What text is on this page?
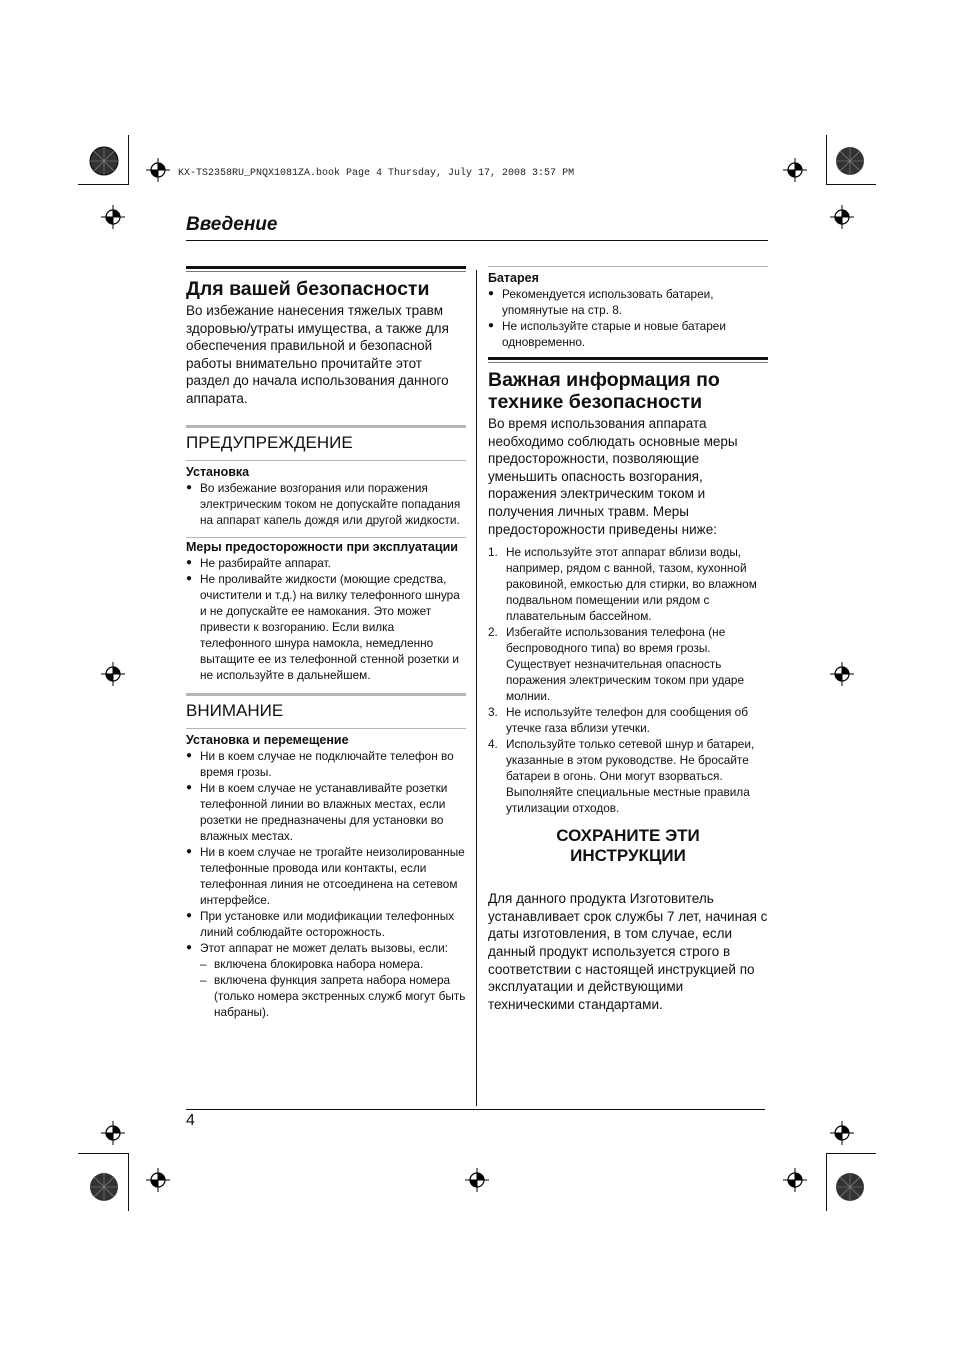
KX-TS2358RU_PNQX1081ZA.book Page 4 Thursday, July 17, 2008 3:57 PM
Введение
Для вашей безопасности

Во избежание нанесения тяжелых травм здоровью/утраты имущества, а также для обеспечения правильной и безопасной работы внимательно прочитайте этот раздел до начала использования данного аппарата.

ПРЕДУПРЕЖДЕНИЕ
Установка
● Во избежание возгорания или поражения электрическим током не допускайте попадания на аппарат капель дождя или другой жидкости.
Меры предосторожности при эксплуатации
● Не разбирайте аппарат.
● Не проливайте жидкости (моющие средства, очистители и т.д.) на вилку телефонного шнура и не допускайте ее намокания. Это может привести к возгоранию. Если вилка телефонного шнура намокла, немедленно вытащите ее из телефонной стенной розетки и не используйте в дальнейшем.
ВНИМАНИЕ
Установка и перемещение
● Ни в коем случае не подключайте телефон во время грозы.
● Ни в коем случае не устанавливайте розетки телефонной линии во влажных местах, если розетки не предназначены для установки во влажных местах.
● Ни в коем случае не трогайте неизолированные телефонные провода или контакты, если телефонная линия не отсоединена на сетевом интерфейсе.
● При установке или модификации телефонных линий соблюдайте осторожность.
● Этот аппарат не может делать вызовы, если:
– включена блокировка набора номера.
– включена функция запрета набора номера (только номера экстренных служб могут быть набраны).
Батарея
● Рекомендуется использовать батареи, упомянутые на стр. 8.
● Не используйте старые и новые батареи одновременно.
Важная информация по технике безопасности

Во время использования аппарата необходимо соблюдать основные меры предосторожности, позволяющие уменьшить опасность возгорания, поражения электрическим током и получения личных травм. Меры предосторожности приведены ниже:

1. Не используйте этот аппарат вблизи воды, например, рядом с ванной, тазом, кухонной раковиной, емкостью для стирки, во влажном подвальном помещении или рядом с плавательным бассейном.
2. Избегайте использования телефона (не беспроводного типа) во время грозы. Существует незначительная опасность поражения электрическим током при ударе молнии.
3. Не используйте телефон для сообщения об утечке газа вблизи утечки.
4. Используйте только сетевой шнур и батареи, указанные в этом руководстве. Не бросайте батареи в огонь. Они могут взорваться. Выполняйте специальные местные правила утилизации отходов.

СОХРАНИТЕ ЭТИ

ИНСТРУКЦИИ

Для данного продукта Изготовитель устанавливает срок службы 7 лет, начиная с даты изготовления, в том случае, если данный продукт используется строго в соответствии с настоящей инструкцией по эксплуатации и действующими техническими стандартами.

4
